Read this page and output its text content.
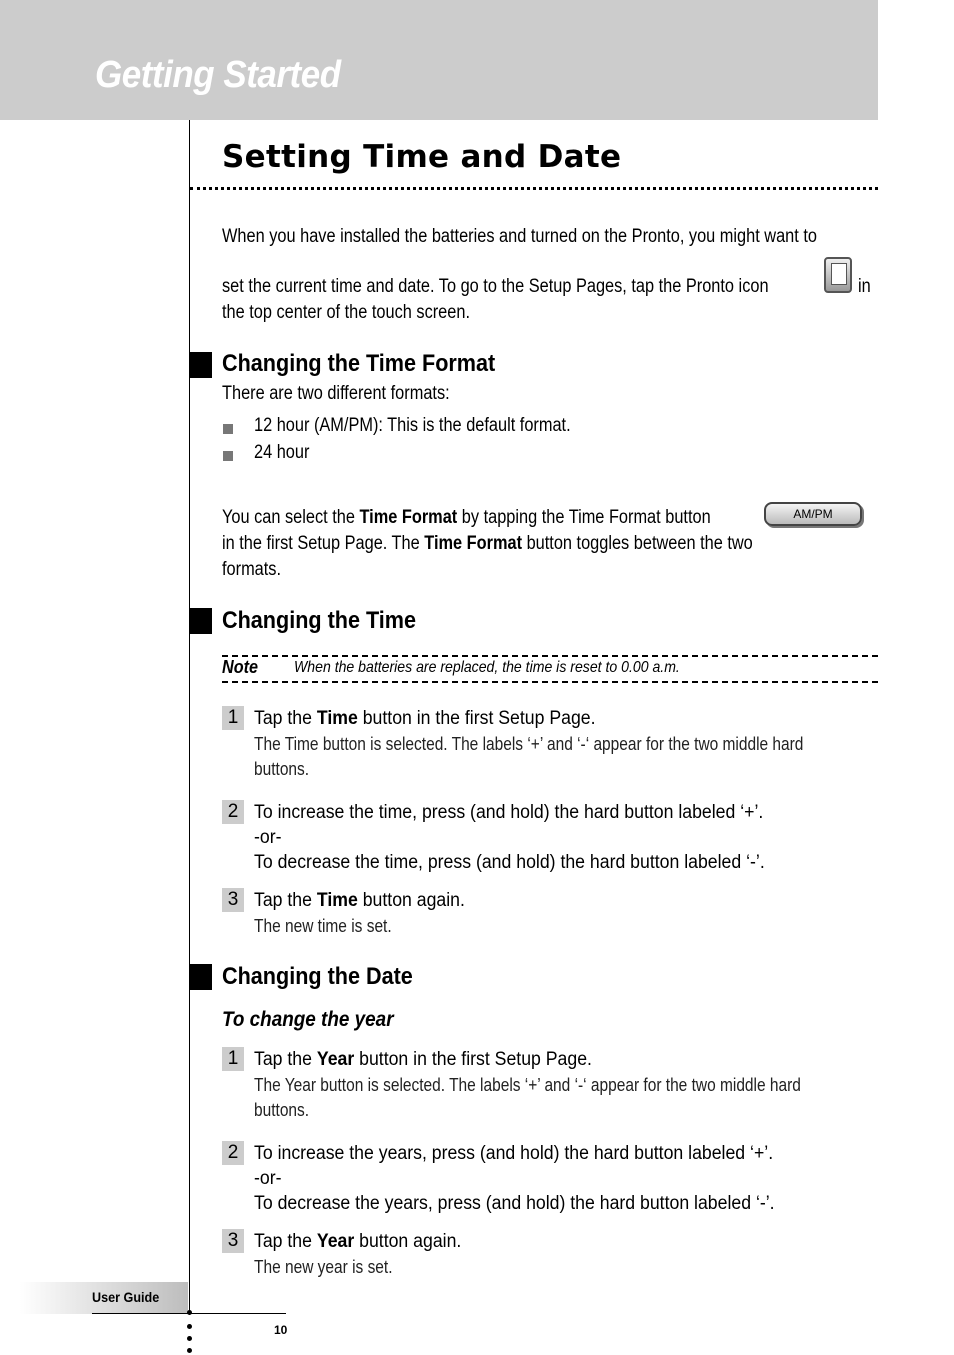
Getting Started
Setting Time and Date

When you have installed the batteries and turned on the Pronto, you might want to

set the current time and date. To go to the Setup Pages, tap the Pronto icon	in

the top center of the touch screen.

Changing the Time Format

There are two different formats:

12 hour (AM/PM): This is the default format.
24 hour

You can select the Time Format by tapping the Time Format button	AM/PM

in the first Setup Page. The Time Format button toggles between the two

formats.

Changing the Time
Note When the batteries are replaced, the time is reset to 0.00 a.m.
1 Tap the Time button in the first Setup Page.
The Time button is selected. The labels ‘+’ and ‘-‘ appear for the two middle hard buttons.
2 To increase the time, press (and hold) the hard button labeled ‘+’.
-or-
To decrease the time, press (and hold) the hard button labeled ‘-’.
3 Tap the Time button again.
The new time is set.
Changing the Date
To change the year
1 Tap the Year button in the first Setup Page.
The Year button is selected. The labels ‘+’ and ‘-‘ appear for the two middle hard buttons.
2 To increase the years, press (and hold) the hard button labeled ‘+’.
-or-
To decrease the years, press (and hold) the hard button labeled ‘-’.
3 Tap the Year button again.
The new year is set.
User Guide
10
